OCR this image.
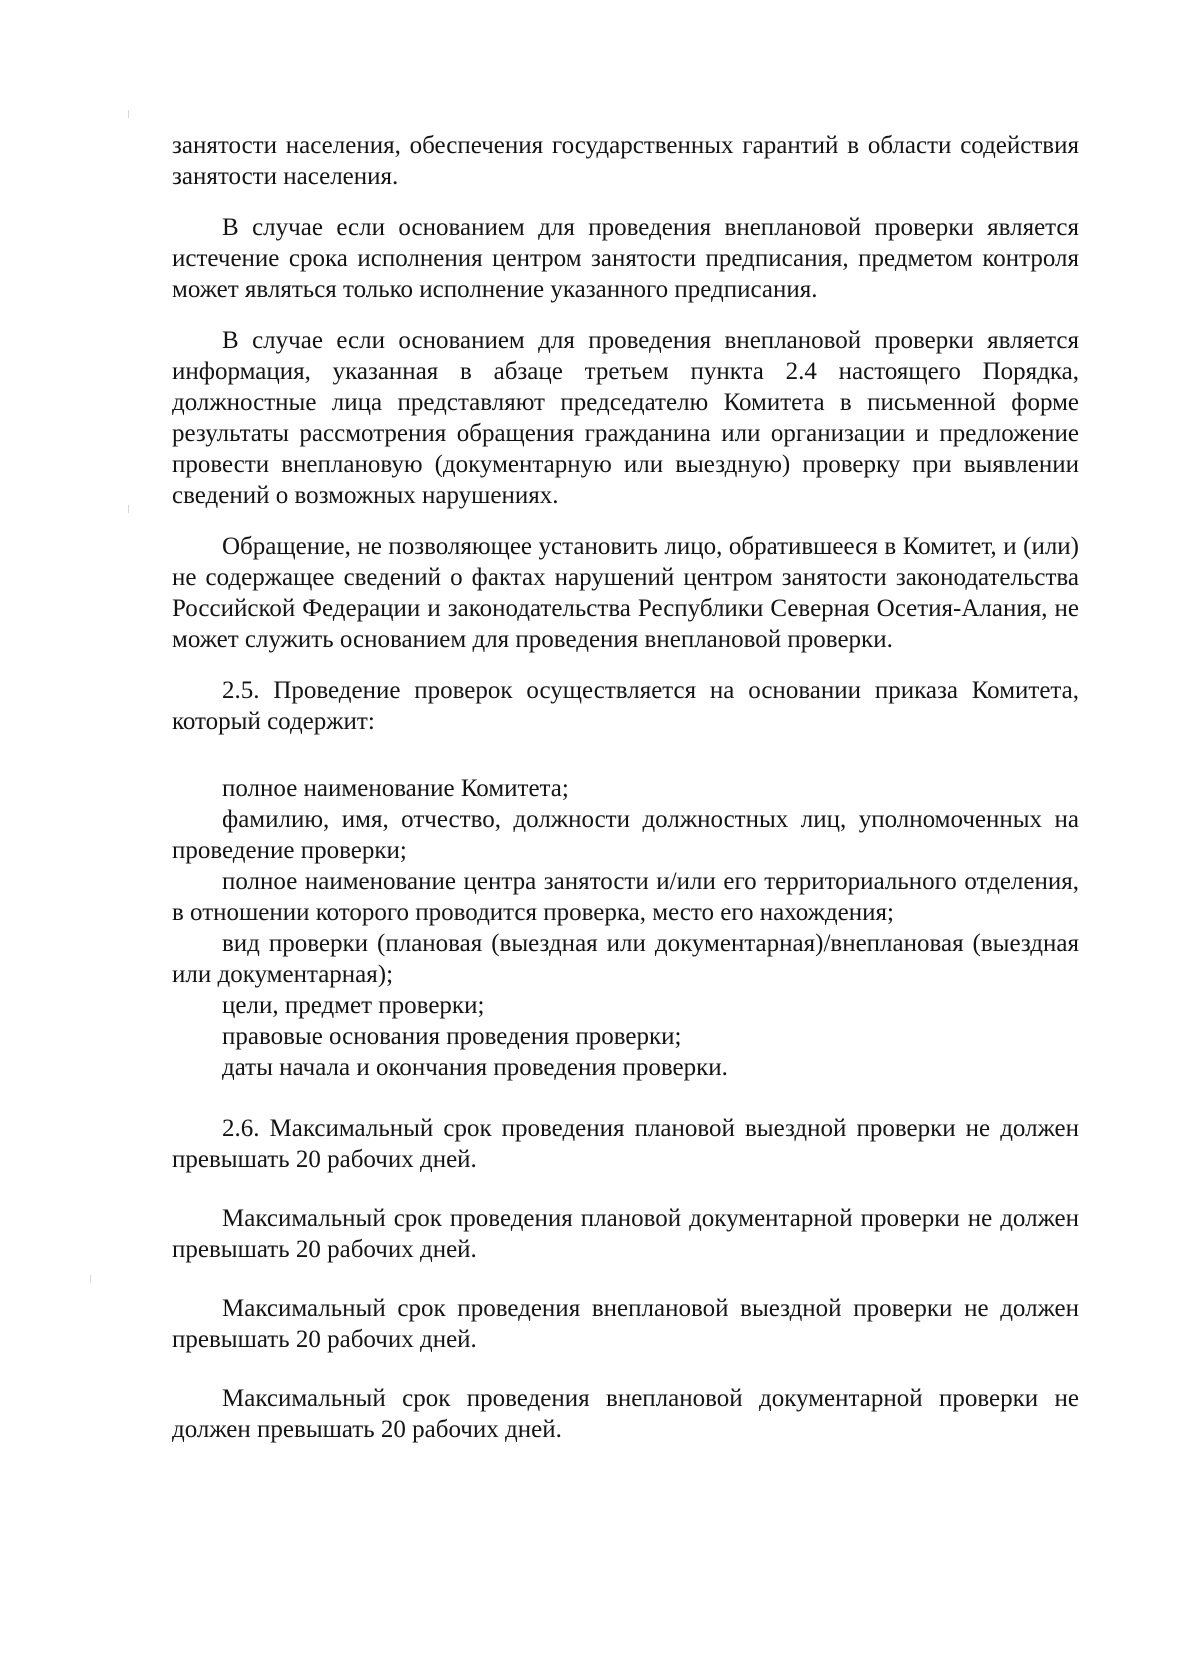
занятости населения, обеспечения государственных гарантий в области содействия занятости населения.

В случае если основанием для проведения внеплановой проверки является истечение срока исполнения центром занятости предписания, предметом контроля может являться только исполнение указанного предписания.

В случае если основанием для проведения внеплановой проверки является информация, указанная в абзаце третьем пункта 2.4 настоящего Порядка, должностные лица представляют председателю Комитета в письменной форме результаты рассмотрения обращения гражданина или организации и предложение провести внеплановую (документарную или выездную) проверку при выявлении сведений о возможных нарушениях.

Обращение, не позволяющее установить лицо, обратившееся в Комитет, и (или) не содержащее сведений о фактах нарушений центром занятости законодательства Российской Федерации и законодательства Республики Северная Осетия-Алания, не может служить основанием для проведения внеплановой проверки.

2.5. Проведение проверок осуществляется на основании приказа Комитета, который содержит:

полное наименование Комитета;

фамилию, имя, отчество, должности должностных лиц, уполномоченных на проведение проверки;

полное наименование центра занятости и/или его территориального отделения, в отношении которого проводится проверка, место его нахождения;

вид проверки (плановая (выездная или документарная)/внеплановая (выездная или документарная);

цели, предмет проверки;

правовые основания проведения проверки;

даты начала и окончания проведения проверки.

2.6. Максимальный срок проведения плановой выездной проверки не должен превышать 20 рабочих дней.

Максимальный срок проведения плановой документарной проверки не должен превышать 20 рабочих дней.

Максимальный срок проведения внеплановой выездной проверки не должен превышать 20 рабочих дней.

Максимальный срок проведения внеплановой документарной проверки не должен превышать 20 рабочих дней.
